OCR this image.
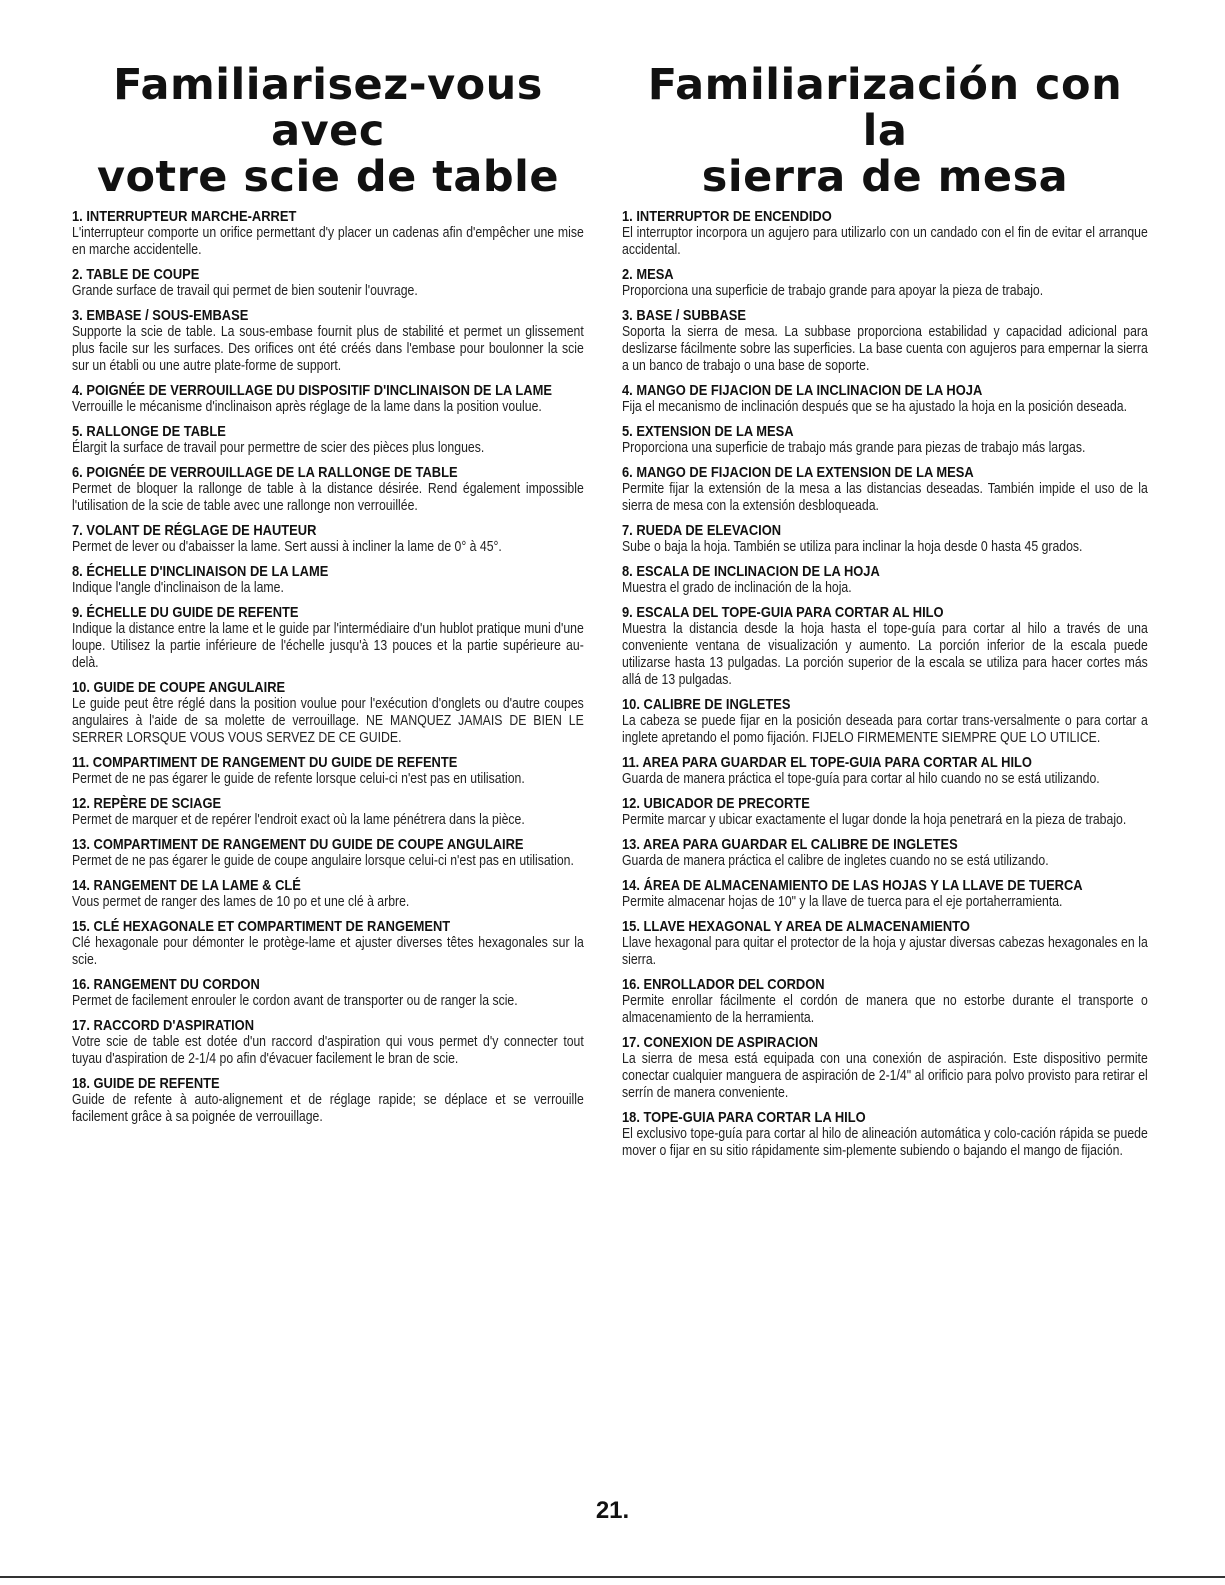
Familiarisez-vous avec
votre scie de table
1. INTERRUPTEUR MARCHE-ARRET
L'interrupteur comporte un orifice permettant d'y placer un cadenas afin d'empêcher une mise en marche accidentelle.
2. TABLE DE COUPE
Grande surface de travail qui permet de bien soutenir l'ouvrage.
3. EMBASE / SOUS-EMBASE
Supporte la scie de table. La sous-embase fournit plus de stabilité et permet un glissement plus facile sur les surfaces. Des orifices ont été créés dans l'embase pour boulonner la scie sur un établi ou une autre plate-forme de support.
4. POIGNÉE DE VERROUILLAGE DU DISPOSITIF D'INCLINAISON DE LA LAME
Verrouille le mécanisme d'inclinaison après réglage de la lame dans la position voulue.
5. RALLONGE DE TABLE
Élargit la surface de travail pour permettre de scier des pièces plus longues.
6. POIGNÉE DE VERROUILLAGE DE LA RALLONGE DE TABLE
Permet de bloquer la rallonge de table à la distance désirée. Rend également impossible l'utilisation de la scie de table avec une rallonge non verrouillée.
7. VOLANT DE RÉGLAGE DE HAUTEUR
Permet de lever ou d'abaisser la lame. Sert aussi à incliner la lame de 0° à 45°.
8. ÉCHELLE D'INCLINAISON DE LA LAME
Indique l'angle d'inclinaison de la lame.
9. ÉCHELLE DU GUIDE DE REFENTE
Indique la distance entre la lame et le guide par l'intermédiaire d'un hublot pratique muni d'une loupe. Utilisez la partie inférieure de l'échelle jusqu'à 13 pouces et la partie supérieure au-delà.
10. GUIDE DE COUPE ANGULAIRE
Le guide peut être réglé dans la position voulue pour l'exécution d'onglets ou d'autre coupes angulaires à l'aide de sa molette de verrouillage. NE MANQUEZ JAMAIS DE BIEN LE SERRER LORSQUE VOUS VOUS SERVEZ DE CE GUIDE.
11. COMPARTIMENT DE RANGEMENT DU GUIDE DE REFENTE
Permet de ne pas égarer le guide de refente lorsque celui-ci n'est pas en utilisation.
12. REPÈRE DE SCIAGE
Permet de marquer et de repérer l'endroit exact où la lame pénétrera dans la pièce.
13. COMPARTIMENT DE RANGEMENT DU GUIDE DE COUPE ANGULAIRE
Permet de ne pas égarer le guide de coupe angulaire lorsque celui-ci n'est pas en utilisation.
14. RANGEMENT DE LA LAME & CLÉ
Vous permet de ranger des lames de 10 po et une clé à arbre.
15. CLÉ HEXAGONALE ET COMPARTIMENT DE RANGEMENT
Clé hexagonale pour démonter le protège-lame et ajuster diverses têtes hexagonales sur la scie.
16. RANGEMENT DU CORDON
Permet de facilement enrouler le cordon avant de transporter ou de ranger la scie.
17. RACCORD D'ASPIRATION
Votre scie de table est dotée d'un raccord d'aspiration qui vous permet d'y connecter tout tuyau d'aspiration de 2-1/4 po afin d'évacuer facilement le bran de scie.
18. GUIDE DE REFENTE
Guide de refente à auto-alignement et de réglage rapide; se déplace et se verrouille facilement grâce à sa poignée de verrouillage.
Familiarización con la
sierra de mesa
1. INTERRUPTOR DE ENCENDIDO
El interruptor incorpora un agujero para utilizarlo con un candado con el fin de evitar el arranque accidental.
2. MESA
Proporciona una superficie de trabajo grande para apoyar la pieza de trabajo.
3. BASE / SUBBASE
Soporta la sierra de mesa. La subbase proporciona estabilidad y capacidad adicional para deslizarse fácilmente sobre las superficies. La base cuenta con agujeros para empernar la sierra a un banco de trabajo o una base de soporte.
4. MANGO DE FIJACION DE LA INCLINACION DE LA HOJA
Fija el mecanismo de inclinación después que se ha ajustado la hoja en la posición deseada.
5. EXTENSION DE LA MESA
Proporciona una superficie de trabajo más grande para piezas de trabajo más largas.
6. MANGO DE FIJACION DE LA EXTENSION DE LA MESA
Permite fijar la extensión de la mesa a las distancias deseadas. También impide el uso de la sierra de mesa con la extensión desbloqueada.
7. RUEDA DE ELEVACION
Sube o baja la hoja. También se utiliza para inclinar la hoja desde 0 hasta 45 grados.
8. ESCALA DE INCLINACION DE LA HOJA
Muestra el grado de inclinación de la hoja.
9. ESCALA DEL TOPE-GUIA PARA CORTAR AL HILO
Muestra la distancia desde la hoja hasta el tope-guía para cortar al hilo a través de una conveniente ventana de visualización y aumento. La porción inferior de la escala puede utilizarse hasta 13 pulgadas. La porción superior de la escala se utiliza para hacer cortes más allá de 13 pulgadas.
10. CALIBRE DE INGLETES
La cabeza se puede fijar en la posición deseada para cortar trans-versalmente o para cortar a inglete apretando el pomo fijación. FIJELO FIRMEMENTE SIEMPRE QUE LO UTILICE.
11. AREA PARA GUARDAR EL TOPE-GUIA PARA CORTAR AL HILO
Guarda de manera práctica el tope-guía para cortar al hilo cuando no se está utilizando.
12. UBICADOR DE PRECORTE
Permite marcar y ubicar exactamente el lugar donde la hoja penetrará en la pieza de trabajo.
13. AREA PARA GUARDAR EL CALIBRE DE INGLETES
Guarda de manera práctica el calibre de ingletes cuando no se está utilizando.
14. ÁREA DE ALMACENAMIENTO DE LAS HOJAS Y LA LLAVE DE TUERCA
Permite almacenar hojas de 10" y la llave de tuerca para el eje portaherramienta.
15. LLAVE HEXAGONAL Y AREA DE ALMACENAMIENTO
Llave hexagonal para quitar el protector de la hoja y ajustar diversas cabezas hexagonales en la sierra.
16. ENROLLADOR DEL CORDON
Permite enrollar fácilmente el cordón de manera que no estorbe durante el transporte o almacenamiento de la herramienta.
17. CONEXION DE ASPIRACION
La sierra de mesa está equipada con una conexión de aspiración. Este dispositivo permite conectar cualquier manguera de aspiración de 2-1/4" al orificio para polvo provisto para retirar el serrín de manera conveniente.
18. TOPE-GUIA PARA CORTAR LA HILO
El exclusivo tope-guía para cortar al hilo de alineación automática y colo-cación rápida se puede mover o fijar en su sitio rápidamente sim-plemente subiendo o bajando el mango de fijación.
21.
